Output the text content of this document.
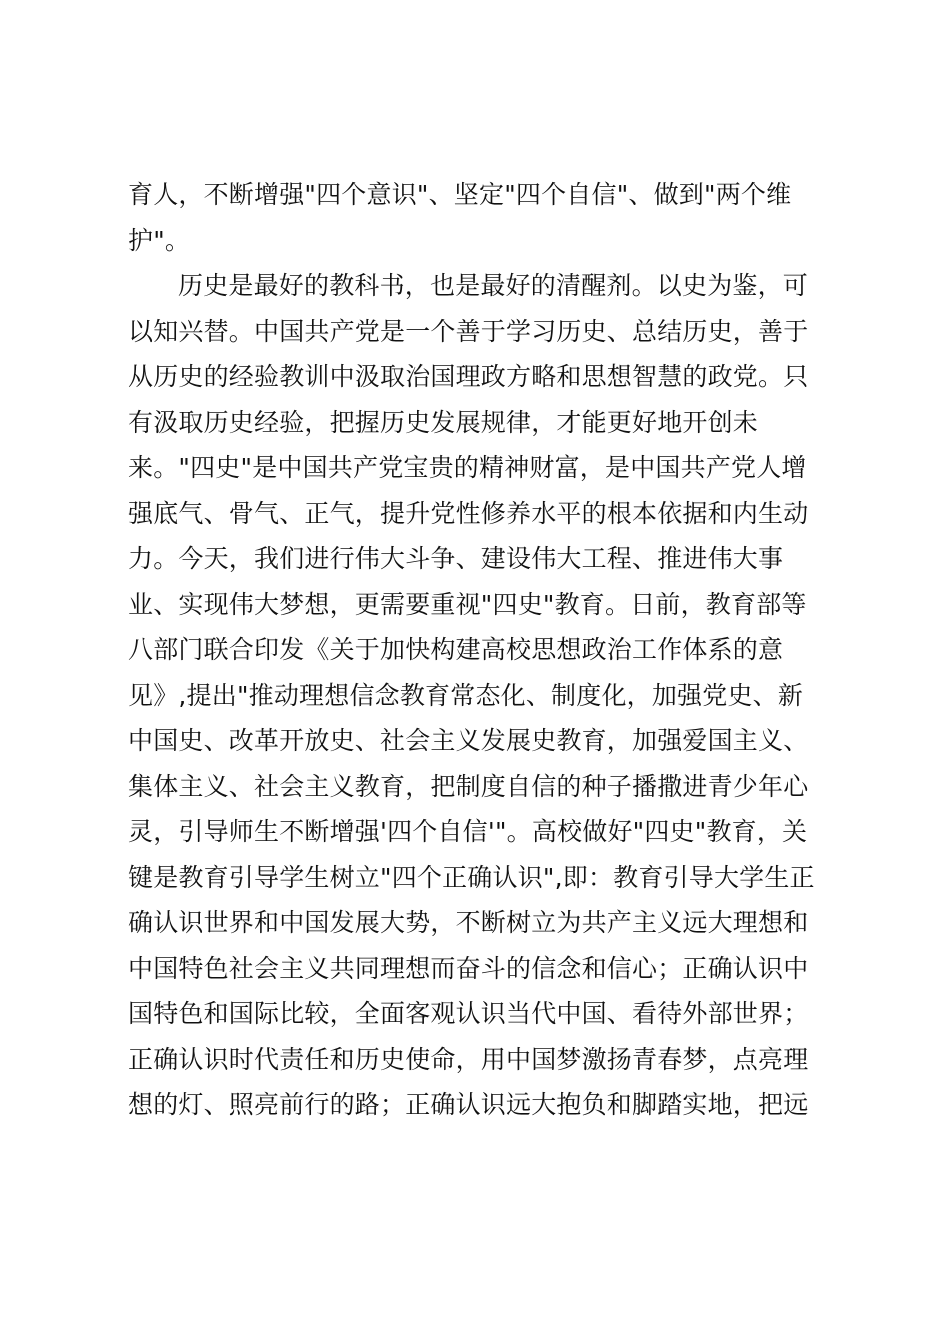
育人，不断增强"四个意识"、坚定"四个自信"、做到"两个维
护"。
历史是最好的教科书，也是最好的清醒剂。以史为鉴，可
以知兴替。中国共产党是一个善于学习历史、总结历史，善于
从历史的经验教训中汲取治国理政方略和思想智慧的政党。只
有汲取历史经验，把握历史发展规律，才能更好地开创未
来。"四史"是中国共产党宝贵的精神财富，是中国共产党人增
强底气、骨气、正气，提升党性修养水平的根本依据和内生动
力。今天，我们进行伟大斗争、建设伟大工程、推进伟大事
业、实现伟大梦想，更需要重视"四史"教育。日前，教育部等
八部门联合印发《关于加快构建高校思想政治工作体系的意
见》,提出"推动理想信念教育常态化、制度化，加强党史、新
中国史、改革开放史、社会主义发展史教育，加强爱国主义、
集体主义、社会主义教育，把制度自信的种子播撒进青少年心
灵，引导师生不断增强'四个自信'"。高校做好"四史"教育，关
键是教育引导学生树立"四个正确认识",即：教育引导大学生正
确认识世界和中国发展大势，不断树立为共产主义远大理想和
中国特色社会主义共同理想而奋斗的信念和信心；正确认识中
国特色和国际比较，全面客观认识当代中国、看待外部世界；
正确认识时代责任和历史使命，用中国梦激扬青春梦，点亮理
想的灯、照亮前行的路；正确认识远大抱负和脚踏实地，把远
